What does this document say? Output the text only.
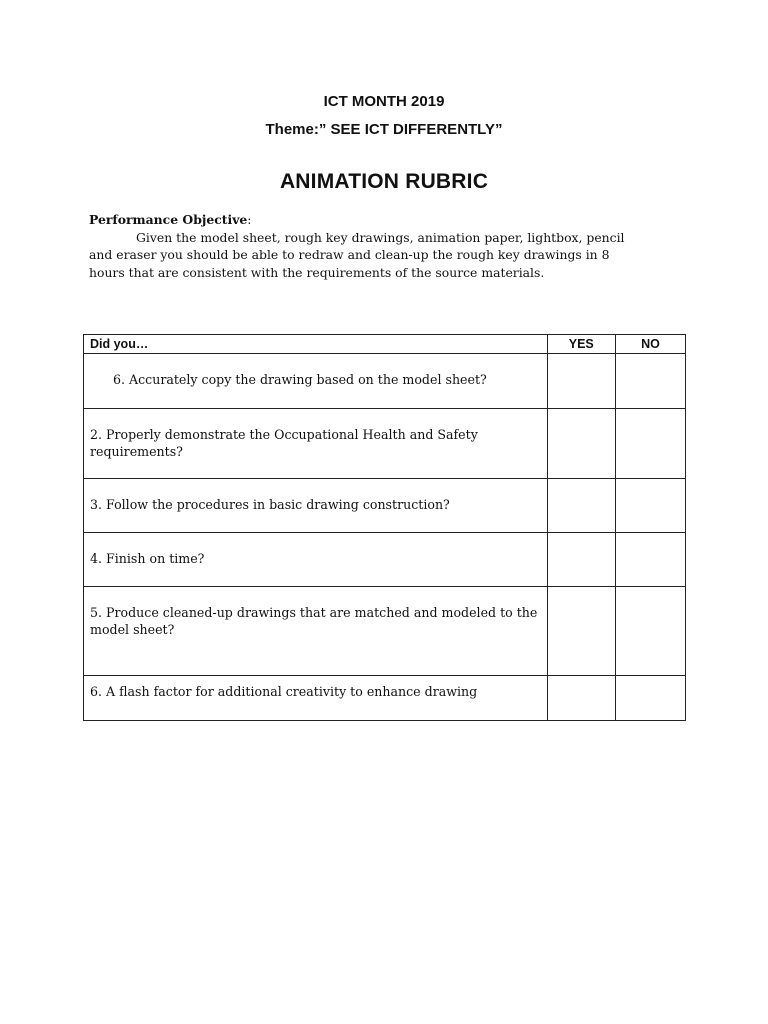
ICT MONTH 2019
Theme:” SEE ICT DIFFERENTLY”
ANIMATION RUBRIC
Performance Objective:
Given the model sheet, rough key drawings, animation paper, lightbox, pencil and eraser you should be able to redraw and clean-up the rough key drawings in 8 hours that are consistent with the requirements of the source materials.
Did you…	YES	NO

6. Accurately copy the drawing based on the model sheet?		

2. Properly demonstrate the Occupational Health and Safety requirements?		

3. Follow the procedures in basic drawing construction?		

4. Finish on time?		

5. Produce cleaned-up drawings that are matched and modeled to the model sheet?		

6. A flash factor for additional creativity to enhance drawing		
